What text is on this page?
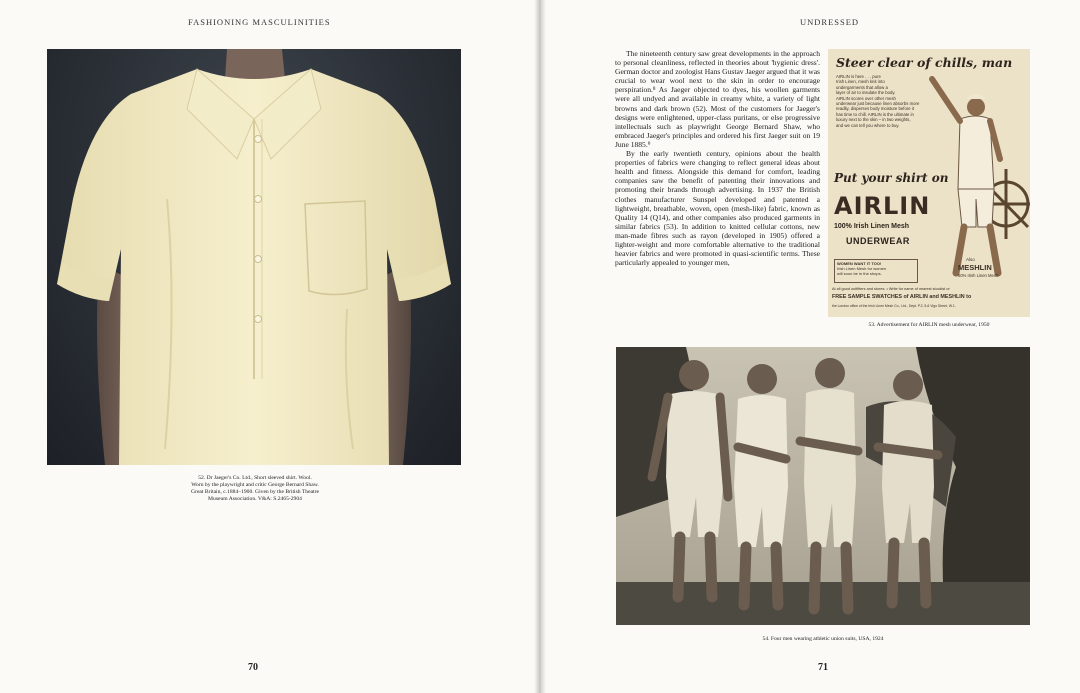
FASHIONING MASCULINITIES
52. Dr Jaeger's Co. Ltd., Short sleeved shirt. Wool.
Worn by the playwright and critic George Bernard Shaw.
Great Britain, c.1884–1900. Given by the British Theatre
Museum Association. V&A: S.2465-2904
70
UNDRESSED
71

The nineteenth century saw great developments in the approach to personal cleanliness, reflected in theories about 'hygienic dress'. German doctor and zoologist Hans Gustav Jaeger argued that it was crucial to wear wool next to the skin in order to encourage perspiration.⁸ As Jaeger objected to dyes, his woollen garments were all undyed and available in creamy white, a variety of light browns and dark brown (52). Most of the customers for Jaeger's designs were enlightened, upper-class puritans, or else progressive intellectuals such as playwright George Bernard Shaw, who embraced Jaeger's principles and ordered his first Jaeger suit on 19 June 1885.⁹

By the early twentieth century, opinions about the health properties of fabrics were changing to reflect general ideas about health and fitness. Alongside this demand for comfort, leading companies saw the benefit of patenting their innovations and promoting their brands through advertising. In 1937 the British clothes manufacturer Sunspel developed and patented a lightweight, breathable, woven, open (mesh-like) fabric, known as Quality 14 (Q14), and other companies also produced garments in similar fabrics (53). In addition to knitted cellular cottons, new man-made fibres such as rayon (developed in 1905) offered a lighter-weight and more comfortable alternative to the traditional heavier fabrics and were promoted in quasi-scientific terms. These particularly appealed to younger men,

Steer clear of chills, man
AIRLIN is here . . . pure
Irish Linen, mesh knit into
undergarments that allow a
layer of air to insulate the body.
AIRLIN scores over other mesh
underwear just because linen absorbs more
readily, disperses body moisture before it
has time to chill. AIRLIN is the ultimate in
luxury next to the skin – in two weights,
and we can tell you where to buy.
Put your shirt on
AIRLIN
100% Irish Linen Mesh
UNDERWEAR
WOMEN WANT IT TOO!
Irish Linen Mesh for women
will soon be in the shops.
Also
MESHLIN
60% Irish Linen Mesh
At all good outfitters and stores. • Write for name of nearest stockist or
FREE SAMPLE SWATCHES of AIRLIN and MESHLIN to
the London office of the Irish Linen Mesh Co., Ltd., Dept. P.2, 5-6 Vigo Street, W.1.
53. Advertisement for AIRLIN mesh underwear, 1950
54. Four men wearing athletic union suits, USA, 1924
